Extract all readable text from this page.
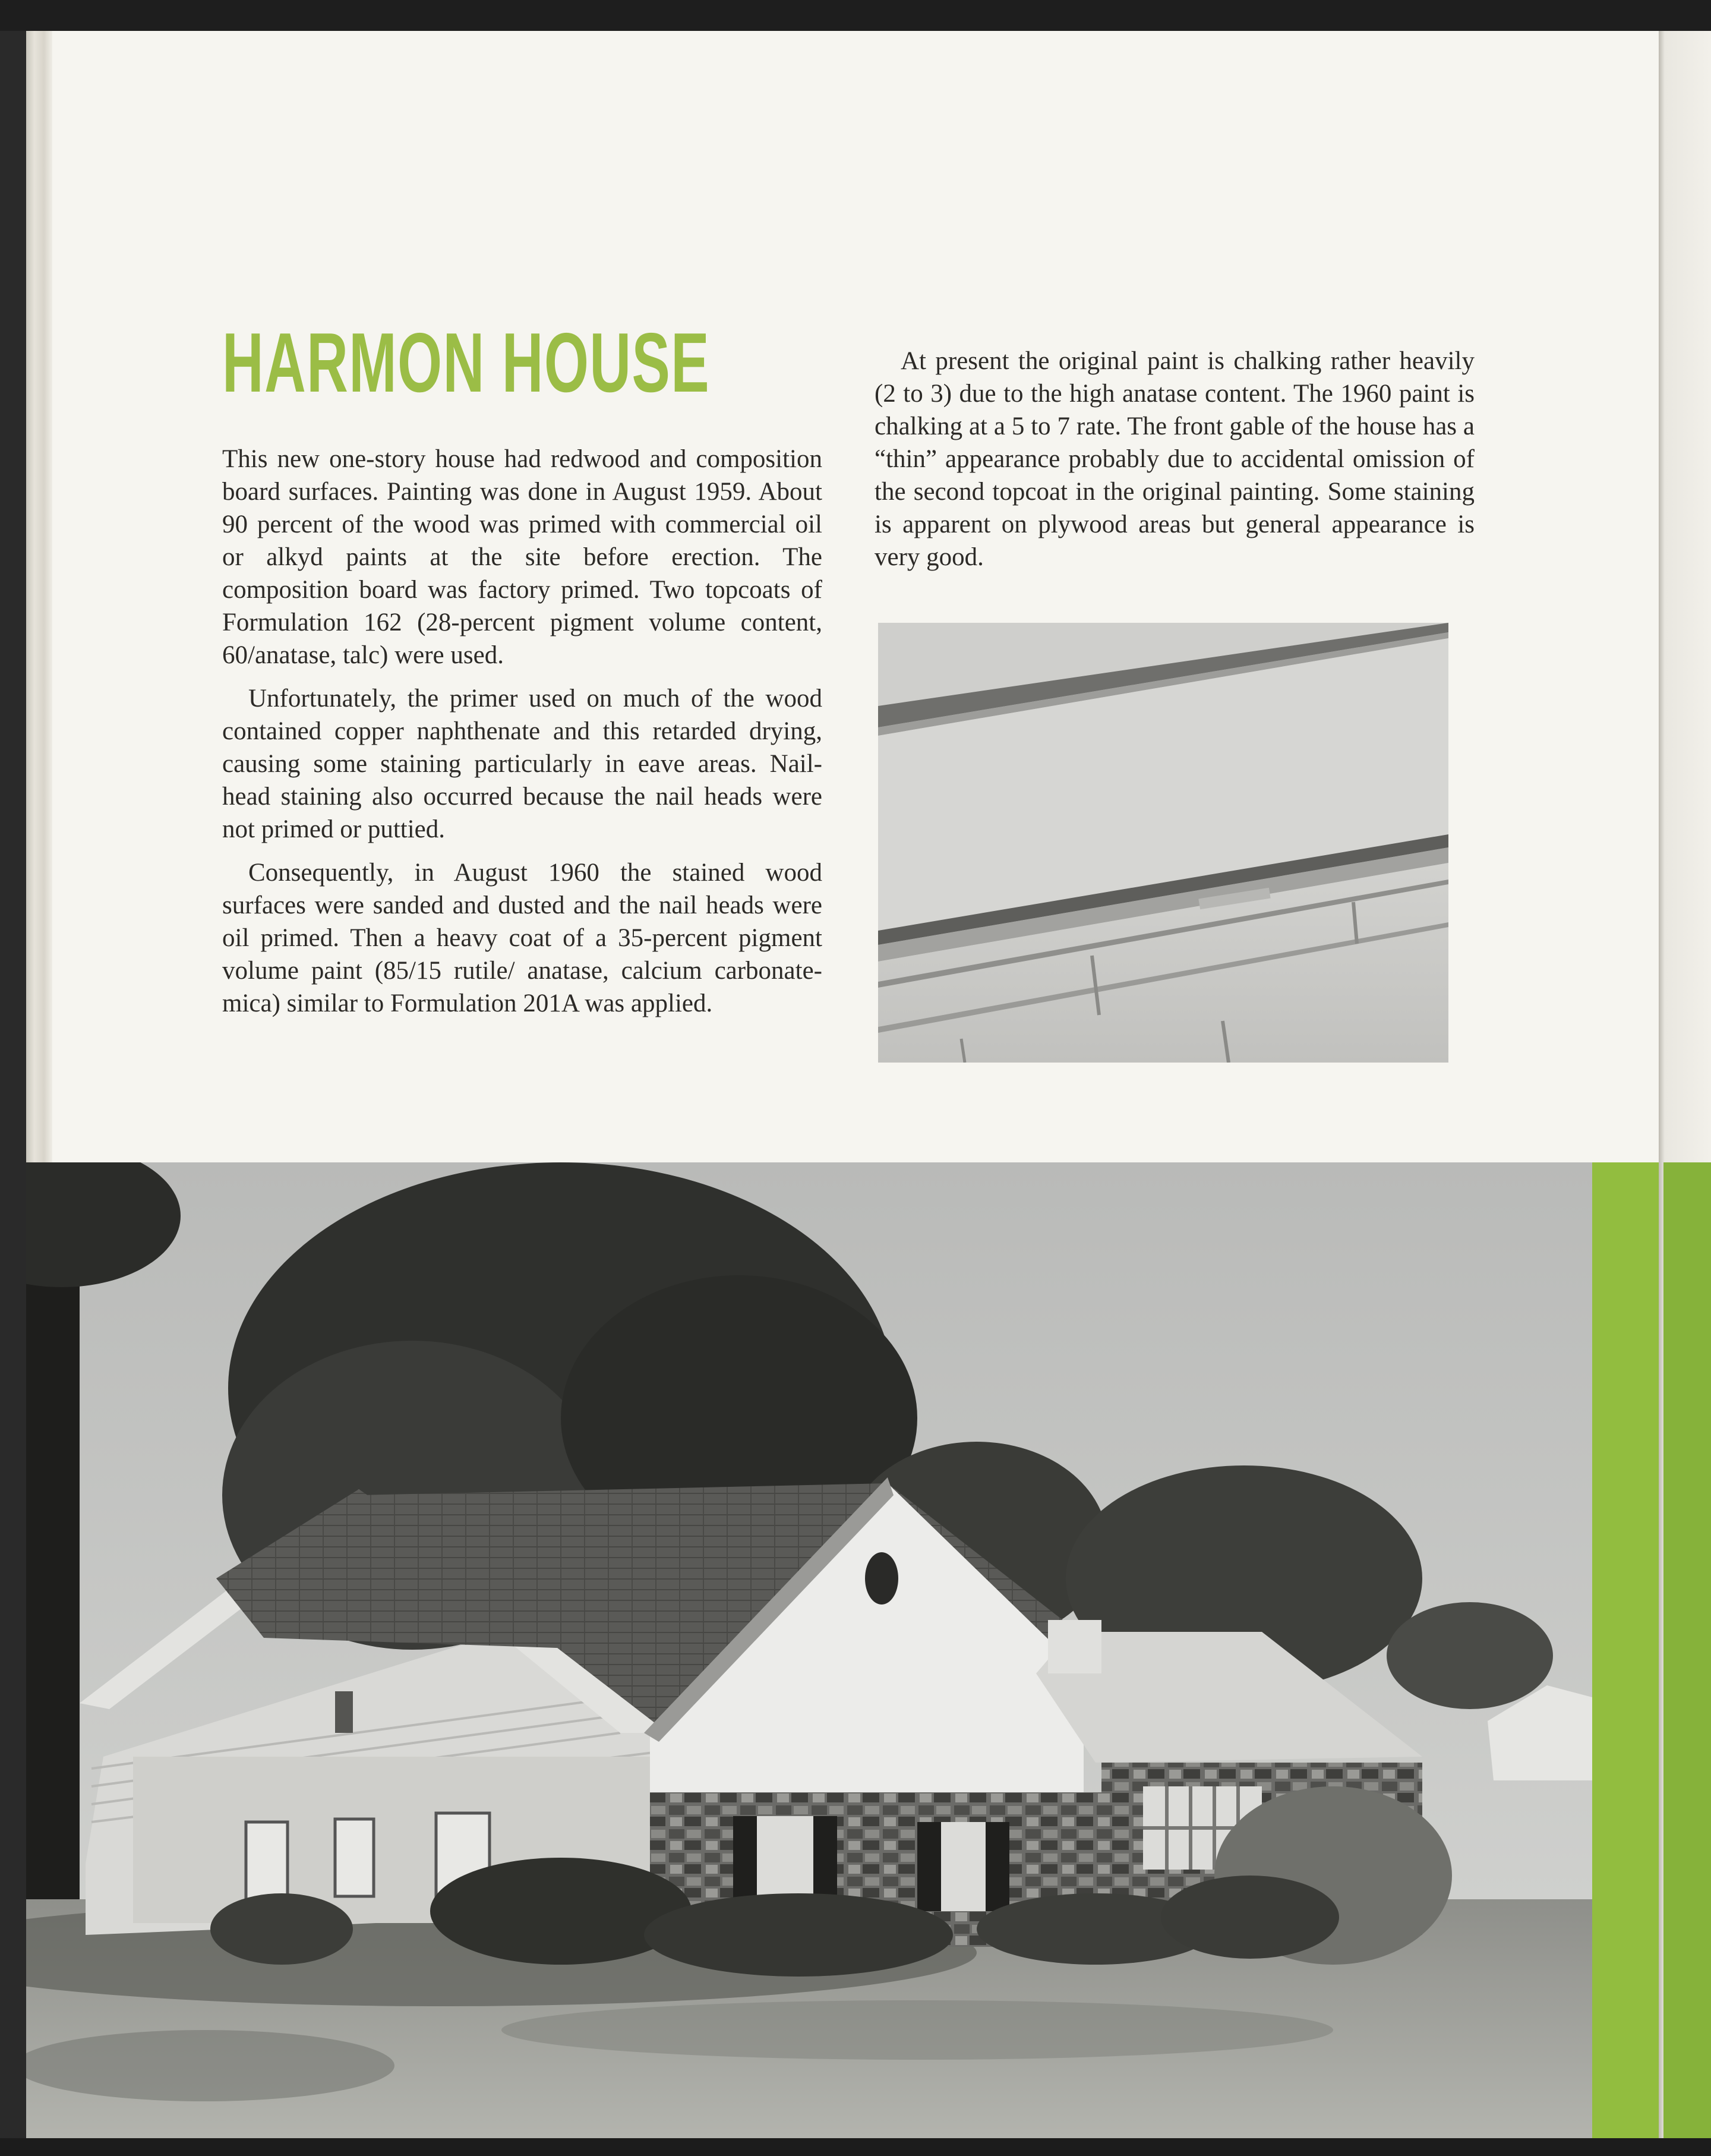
HARMON HOUSE

This new one-story house had redwood and composition board surfaces. Painting was done in August 1959. About 90 percent of the wood was primed with commercial oil or alkyd paints at the site before erection. The composition board was factory primed. Two topcoats of Formulation 162 (28-percent pigment volume content, 60/anatase, talc) were used.

Unfortunately, the primer used on much of the wood contained copper naphthenate and this retarded drying, causing some staining particularly in eave areas. Nail-head staining also occurred because the nail heads were not primed or puttied.

Consequently, in August 1960 the stained wood surfaces were sanded and dusted and the nail heads were oil primed. Then a heavy coat of a 35-percent pigment volume paint (85/15 rutile/ anatase, calcium carbonate-mica) similar to Formulation 201A was applied.

At present the original paint is chalking rather heavily (2 to 3) due to the high anatase content. The 1960 paint is chalking at a 5 to 7 rate. The front gable of the house has a “thin” appearance probably due to accidental omission of the second topcoat in the original painting. Some staining is apparent on plywood areas but general appearance is very good.
